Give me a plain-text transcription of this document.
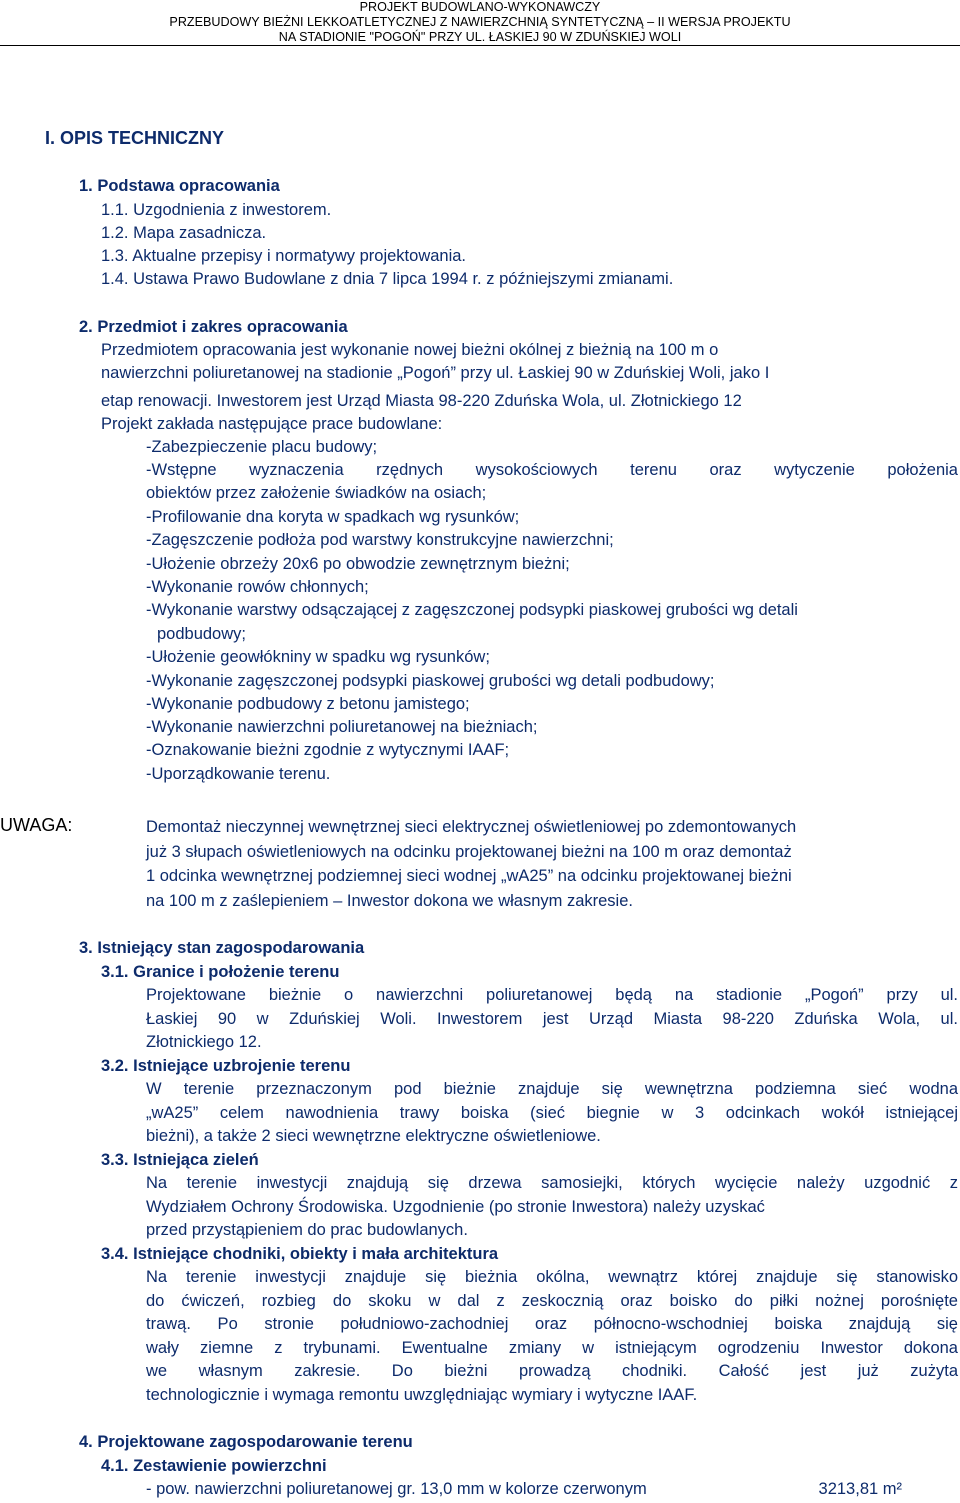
PROJEKT BUDOWLANO-WYKONAWCZY
PRZEBUDOWY BIEŻNI LEKKOATLETYCZNEJ Z NAWIERZCHNIĄ SYNTETYCZNĄ – II WERSJA PROJEKTU
NA STADIONIE "POGOŃ" PRZY UL. ŁASKIEJ 90 W ZDUŃSKIEJ WOLI
I. OPIS TECHNICZNY
1. Podstawa opracowania
1.1. Uzgodnienia z inwestorem.
1.2. Mapa zasadnicza.
1.3. Aktualne przepisy i normatywy projektowania.
1.4. Ustawa Prawo Budowlane z dnia 7 lipca 1994 r. z późniejszymi zmianami.
2. Przedmiot i zakres opracowania
Przedmiotem opracowania jest wykonanie nowej bieżni okólnej z bieżnią na 100 m o
nawierzchni poliuretanowej na stadionie „Pogoń” przy ul. Łaskiej 90 w Zduńskiej Woli, jako I
etap renowacji. Inwestorem jest Urząd Miasta 98-220 Zduńska Wola, ul. Złotnickiego 12
Projekt zakłada następujące prace budowlane:
-Zabezpieczenie placu budowy;
-Wstępne wyznaczenia rzędnych wysokościowych terenu oraz wytyczenie położenia
obiektów przez założenie świadków na osiach;
-Profilowanie dna koryta w spadkach wg rysunków;
-Zagęszczenie podłoża pod warstwy konstrukcyjne nawierzchni;
-Ułożenie obrzeży 20x6 po obwodzie zewnętrznym bieżni;
-Wykonanie rowów chłonnych;
-Wykonanie warstwy odsączającej z zagęszczonej podsypki piaskowej grubości wg detali
podbudowy;
-Ułożenie geowłókniny w spadku wg rysunków;
-Wykonanie zagęszczonej podsypki piaskowej grubości wg detali podbudowy;
-Wykonanie podbudowy z betonu jamistego;
-Wykonanie nawierzchni poliuretanowej na bieżniach;
-Oznakowanie bieżni zgodnie z wytycznymi IAAF;
-Uporządkowanie terenu.
UWAGA:	Demontaż nieczynnej wewnętrznej sieci elektrycznej oświetleniowej po zdemontowanych
już 3 słupach oświetleniowych na odcinku projektowanej bieżni na 100 m oraz demontaż
1 odcinka wewnętrznej podziemnej sieci wodnej „wA25” na odcinku projektowanej bieżni
na 100 m z zaślepieniem – Inwestor dokona we własnym zakresie.
3. Istniejący stan zagospodarowania
3.1. Granice i położenie terenu
Projektowane bieżnie o nawierzchni poliuretanowej będą na stadionie „Pogoń” przy ul.
Łaskiej 90 w Zduńskiej Woli. Inwestorem jest Urząd Miasta 98-220 Zduńska Wola, ul.
Złotnickiego 12.
3.2. Istniejące uzbrojenie terenu
W terenie przeznaczonym pod bieżnie znajduje się wewnętrzna podziemna sieć wodna
„wA25” celem nawodnienia trawy boiska (sieć biegnie w 3 odcinkach wokół istniejącej
bieżni), a także 2 sieci wewnętrzne elektryczne oświetleniowe.
3.3. Istniejąca zieleń
Na terenie inwestycji znajdują się drzewa samosiejki, których wycięcie należy uzgodnić z
Wydziałem Ochrony Środowiska. Uzgodnienie (po stronie Inwestora) należy uzyskać
przed przystąpieniem do prac budowlanych.
3.4. Istniejące chodniki, obiekty i mała architektura
Na terenie inwestycji znajduje się bieżnia okólna, wewnątrz której znajduje się stanowisko
do ćwiczeń, rozbieg do skoku w dal z zeskocznią oraz boisko do piłki nożnej porośnięte
trawą. Po stronie południowo-zachodniej oraz północno-wschodniej boiska znajdują się
wały ziemne z trybunami. Ewentualne zmiany w istniejącym ogrodzeniu Inwestor dokona
we własnym zakresie. Do bieżni prowadzą chodniki. Całość jest już zużyta
technologicznie i wymaga remontu uwzględniając wymiary i wytyczne IAAF.
4. Projektowane zagospodarowanie terenu
4.1. Zestawienie powierzchni
- pow. nawierzchni poliuretanowej gr. 13,0 mm w kolorze czerwonym	3213,81 m²
